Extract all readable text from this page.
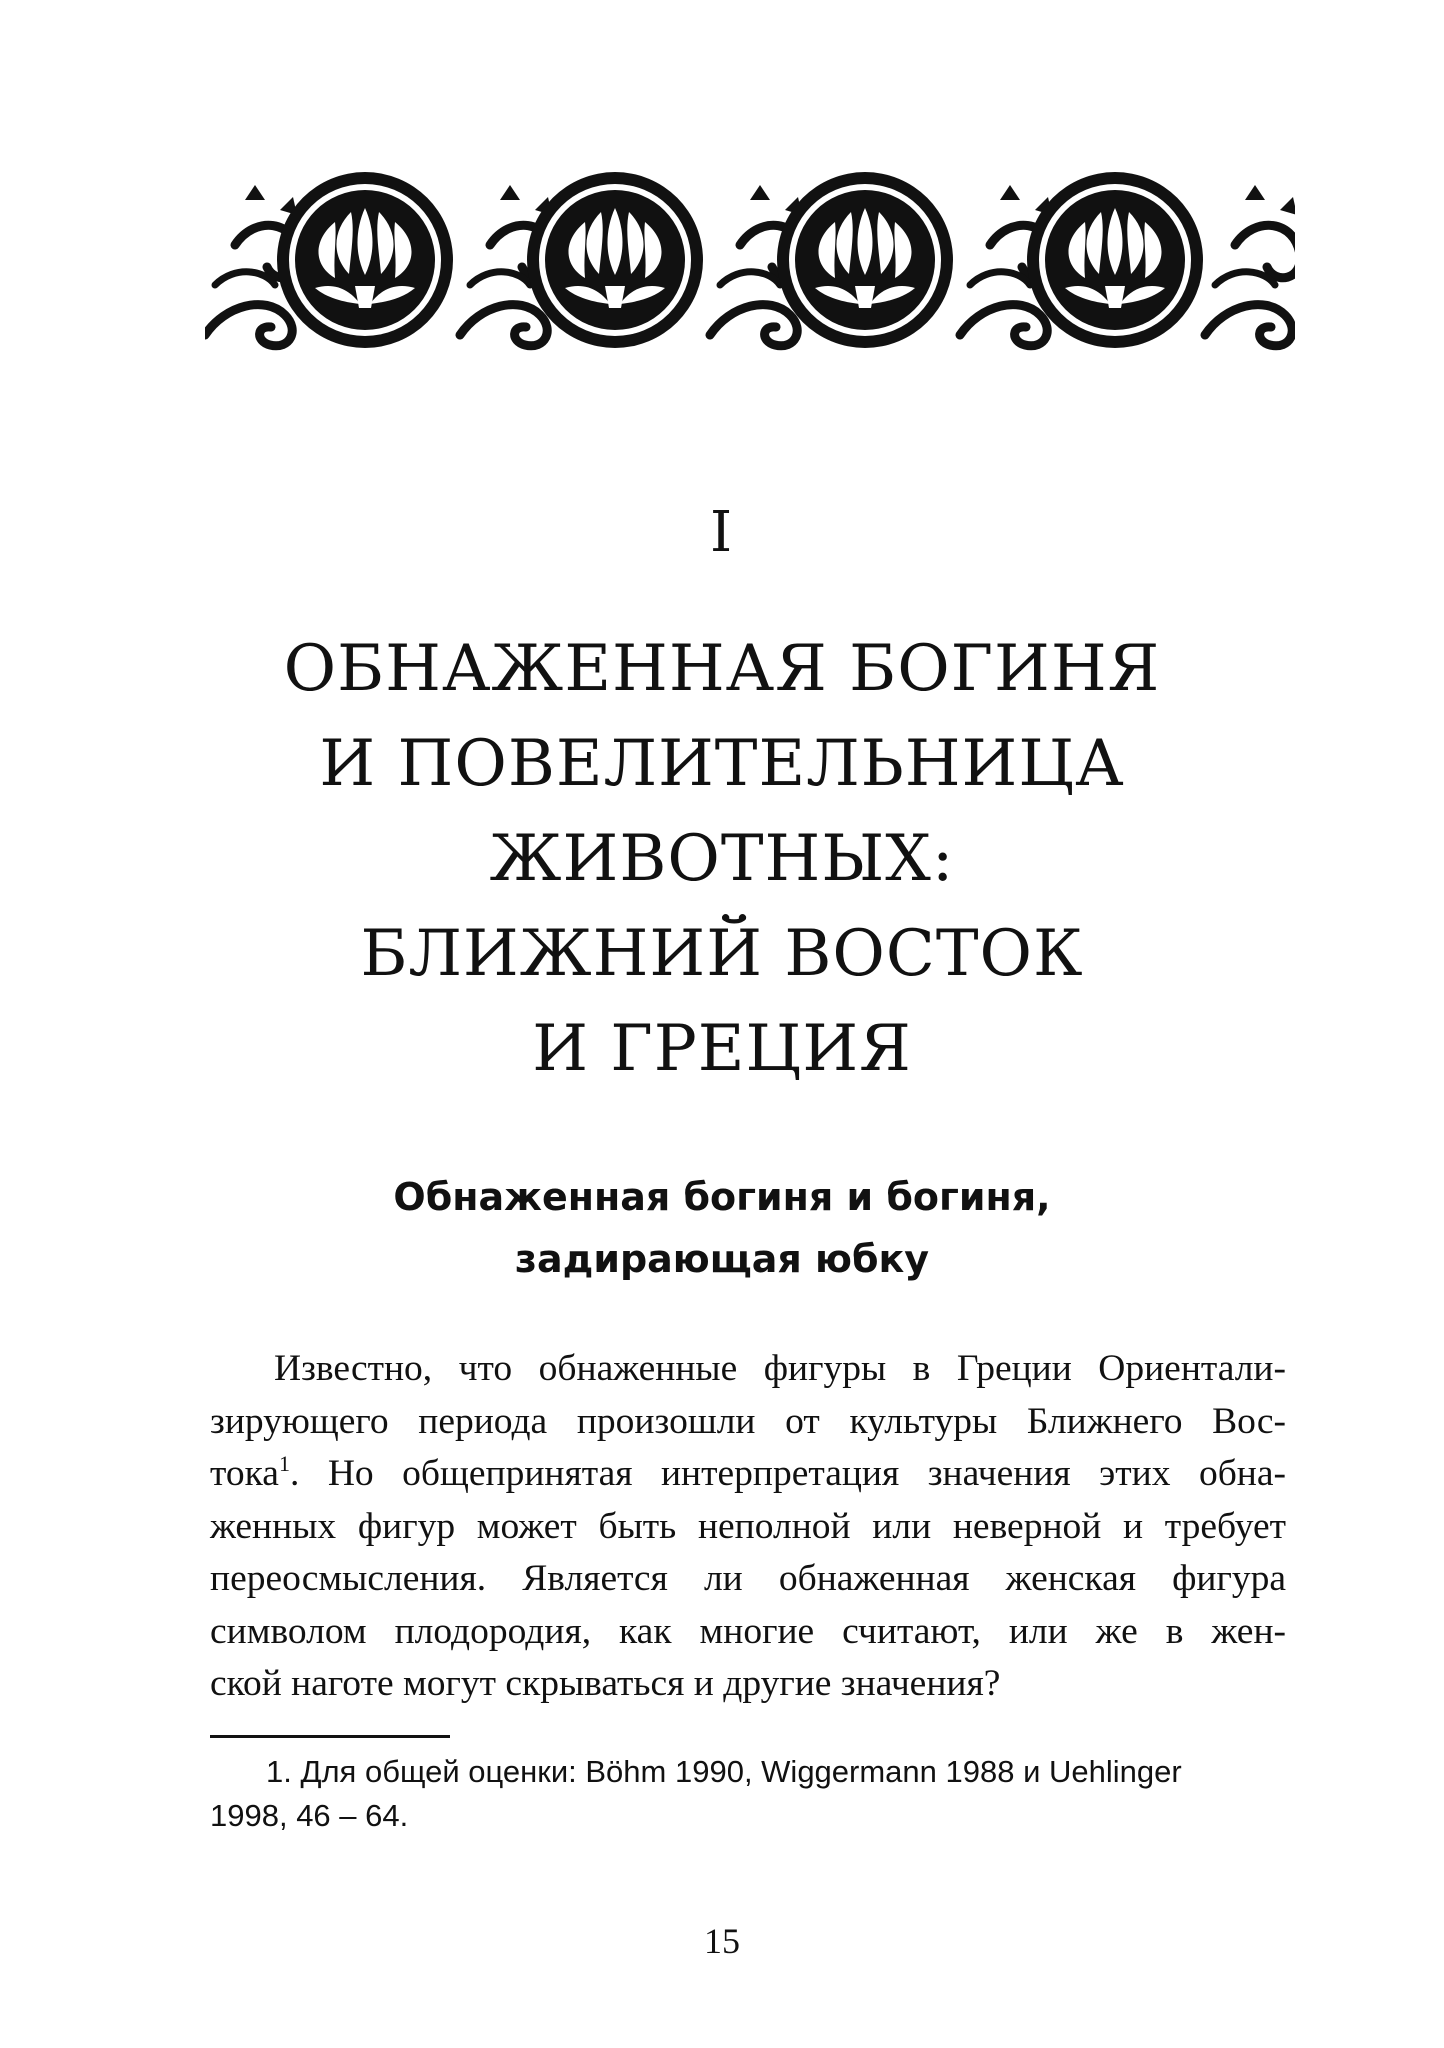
I
ОБНАЖЕННАЯ БОГИНЯ
И ПОВЕЛИТЕЛЬНИЦА
ЖИВОТНЫХ:
БЛИЖНИЙ ВОСТОК
И ГРЕЦИЯ
Обнаженная богиня и богиня,
задирающая юбку
Известно, что обнаженные фигуры в Греции Ориентали-
зирующего периода произошли от культуры Ближнего Вос-
тока$^1$. Но общепринятая интерпретация значения этих обна-
женных фигур может быть неполной или неверной и требует
переосмысления. Является ли обнаженная женская фигура
символом плодородия, как многие считают, или же в жен-
ской наготе могут скрываться и другие значения?
1. Для общей оценки: Böhm 1990, Wiggermann 1988 и Uehlinger
1998, 46 – 64.
15
